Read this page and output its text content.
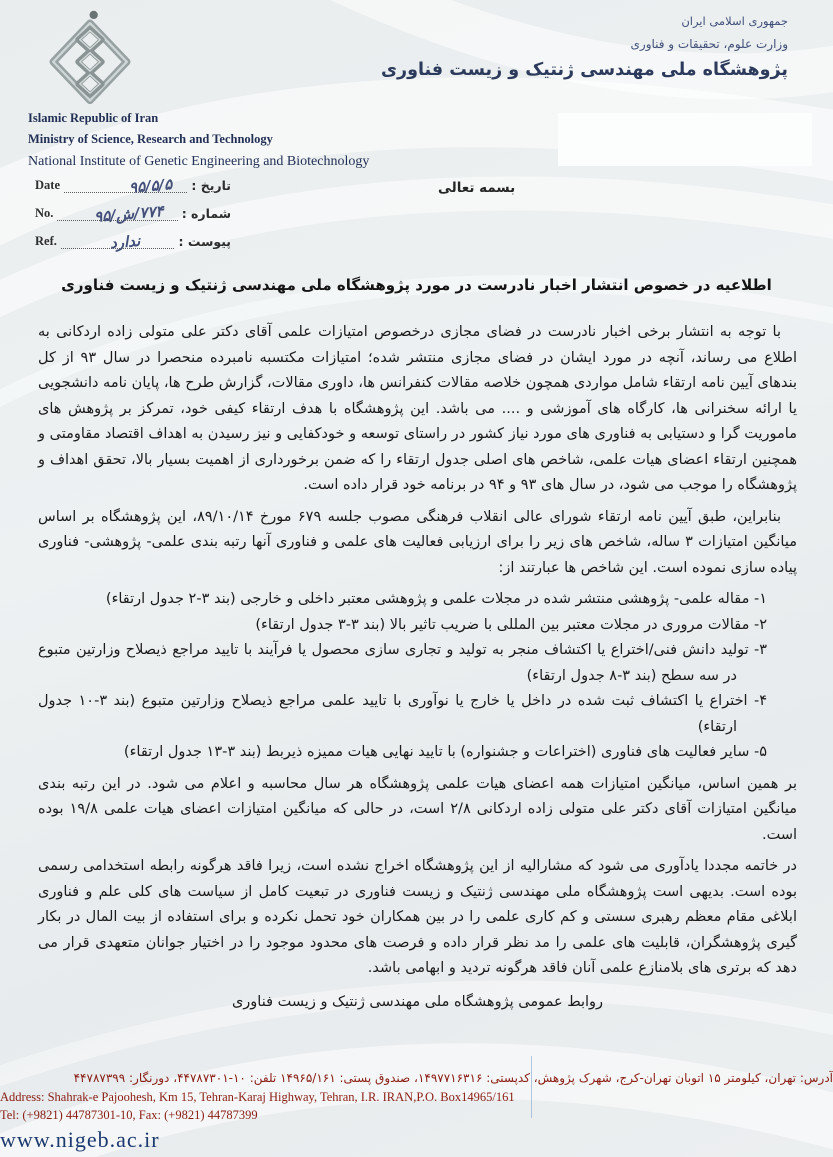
جمهوری اسلامی ایران
وزارت علوم، تحقیقات و فناوری
پژوهشگاه ملی مهندسی ژنتیک و زیست فناوری
Islamic Republic of Iran
Ministry of Science, Research and Technology
National Institute of Genetic Engineering and Biotechnology
تاریخ :
۹۵/۵/۵
Date
شماره :
۷۷۴/ش/۹۵
No.
پیوست :
ندارد
Ref.
بسمه تعالی
اطلاعیه در خصوص انتشار اخبار نادرست در مورد پژوهشگاه ملی مهندسی ژنتیک و زیست فناوری

با توجه به انتشار برخی اخبار نادرست در فضای مجازی درخصوص امتیازات علمی آقای دکتر علی متولی زاده اردکانی به اطلاع می رساند، آنچه در مورد ایشان در فضای مجازی منتشر شده؛ امتیازات مکتسبه نامبرده منحصرا در سال ۹۳ از کل بندهای آیین نامه ارتقاء شامل مواردی همچون خلاصه مقالات کنفرانس ها، داوری مقالات، گزارش طرح ها، پایان نامه دانشجویی یا ارائه سخنرانی ها، کارگاه های آموزشی و .... می باشد. این پژوهشگاه با هدف ارتقاء کیفی خود، تمرکز بر پژوهش های ماموریت گرا و دستیابی به فناوری های مورد نیاز کشور در راستای توسعه و خودکفایی و نیز رسیدن به اهداف اقتصاد مقاومتی و همچنین ارتقاء اعضای هیات علمی، شاخص های اصلی جدول ارتقاء را که ضمن برخورداری از اهمیت بسیار بالا، تحقق اهداف و پژوهشگاه را موجب می شود، در سال های ۹۳ و ۹۴ در برنامه خود قرار داده است.

بنابراین، طبق آیین نامه ارتقاء شورای عالی انقلاب فرهنگی مصوب جلسه ۶۷۹ مورخ ۸۹/۱۰/۱۴، این پژوهشگاه بر اساس میانگین امتیازات ۳ ساله، شاخص های زیر را برای ارزیابی فعالیت های علمی و فناوری آنها رتبه بندی علمی- پژوهشی- فناوری پیاده سازی نموده است. این شاخص ها عبارتند از:

۱- مقاله علمی- پژوهشی منتشر شده در مجلات علمی و پژوهشی معتبر داخلی و خارجی (بند ۳-۲ جدول ارتقاء)
۲- مقالات مروری در مجلات معتبر بین المللی با ضریب تاثیر بالا (بند ۳-۳ جدول ارتقاء)
۳- تولید دانش فنی/اختراع یا اکتشاف منجر به تولید و تجاری سازی محصول یا فرآیند با تایید مراجع ذیصلاح وزارتین متبوع در سه سطح (بند ۳-۸ جدول ارتقاء)
۴- اختراع یا اکتشاف ثبت شده در داخل یا خارج یا نوآوری با تایید علمی مراجع ذیصلاح وزارتین متبوع (بند ۳-۱۰ جدول ارتقاء)
۵- سایر فعالیت های فناوری (اختراعات و جشنواره) با تایید نهایی هیات ممیزه ذیربط (بند ۳-۱۳ جدول ارتقاء)

بر همین اساس، میانگین امتیازات همه اعضای هیات علمی پژوهشگاه هر سال محاسبه و اعلام می شود. در این رتبه بندی میانگین امتیازات آقای دکتر علی متولی زاده اردکانی ۲/۸ است، در حالی که میانگین امتیازات اعضای هیات علمی ۱۹/۸ بوده است.

در خاتمه مجددا یادآوری می شود که مشارالیه از این پژوهشگاه اخراج نشده است، زیرا فاقد هرگونه رابطه استخدامی رسمی بوده است. بدیهی است پژوهشگاه ملی مهندسی ژنتیک و زیست فناوری در تبعیت کامل از سیاست های کلی علم و فناوری ابلاغی مقام معظم رهبری سستی و کم کاری علمی را در بین همکاران خود تحمل نکرده و برای استفاده از بیت المال در بکار گیری پژوهشگران، قابلیت های علمی را مد نظر قرار داده و فرصت های محدود موجود را در اختیار جوانان متعهدی قرار می دهد که برتری های بلامنازع علمی آنان فاقد هرگونه تردید و ابهامی باشد.

روابط عمومی پژوهشگاه ملی مهندسی ژنتیک و زیست فناوری
آدرس: تهران، کیلومتر ۱۵ اتوبان تهران-کرج، شهرک پژوهش، کدپستی: ۱۴۹۷۷۱۶۳۱۶، صندوق پستی: ۱۴۹۶۵/۱۶۱ تلفن: ۱۰-۴۴۷۸۷۳۰۱، دورنگار: ۴۴۷۸۷۳۹۹
Address: Shahrak-e Pajoohesh, Km 15, Tehran-Karaj Highway, Tehran, I.R. IRAN,P.O. Box14965/161
Tel: (+9821) 44787301-10, Fax: (+9821) 44787399
www.nigeb.ac.ir
